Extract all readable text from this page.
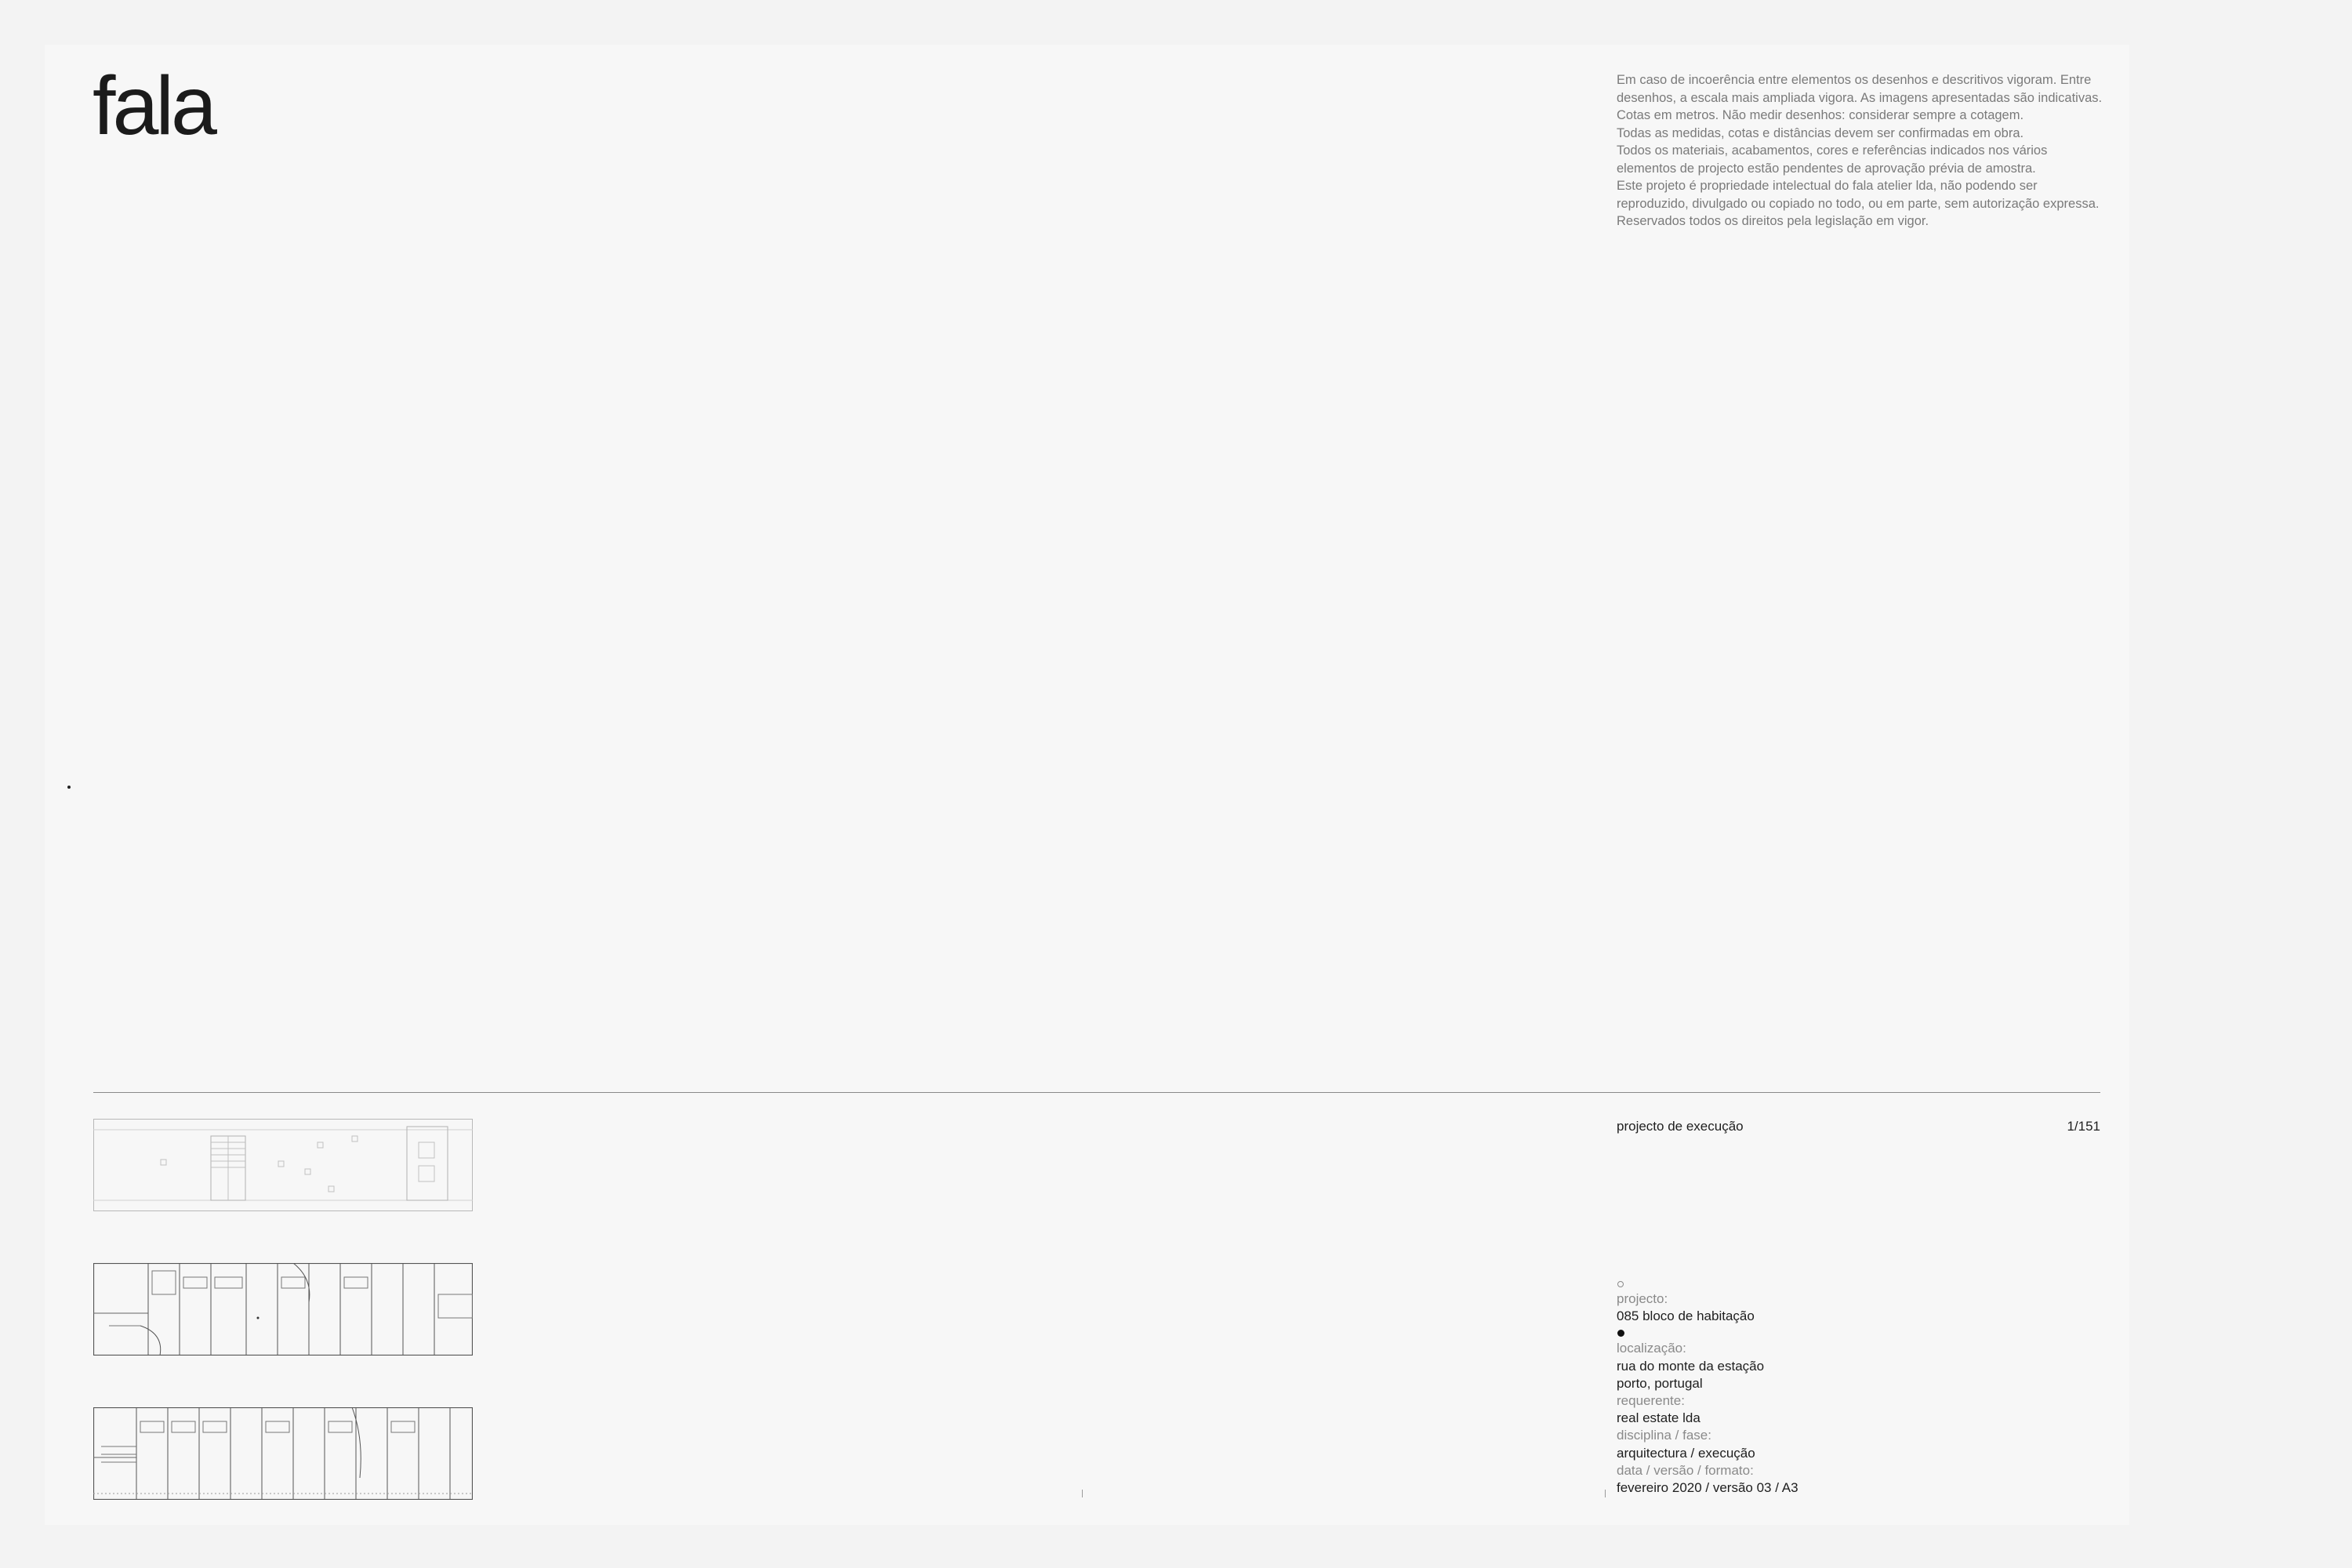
fala	Em caso de incoerência entre elementos os desenhos e descritivos vigoram. Entre desenhos, a escala mais ampliada vigora. As imagens apresentadas são indicativas. Cotas em metros. Não medir desenhos: considerar sempre a cotagem.

Todas as medidas, cotas e distâncias devem ser confirmadas em obra.

Todos os materiais, acabamentos, cores e referências indicados nos vários elementos de projecto estão pendentes de aprovação prévia de amostra.

Este projeto é propriedade intelectual do fala atelier lda, não podendo ser reproduzido, divulgado ou copiado no todo, ou em parte, sem autorização expressa. Reservados todos os direitos pela legislação em vigor.

projecto de execução	1/151
projecto:
085 bloco de habitação
localização:
rua do monte da estação
porto, portugal
requerente:
real estate lda
disciplina / fase:
arquitectura / execução
data / versão / formato:
fevereiro 2020 / versão 03 / A3
